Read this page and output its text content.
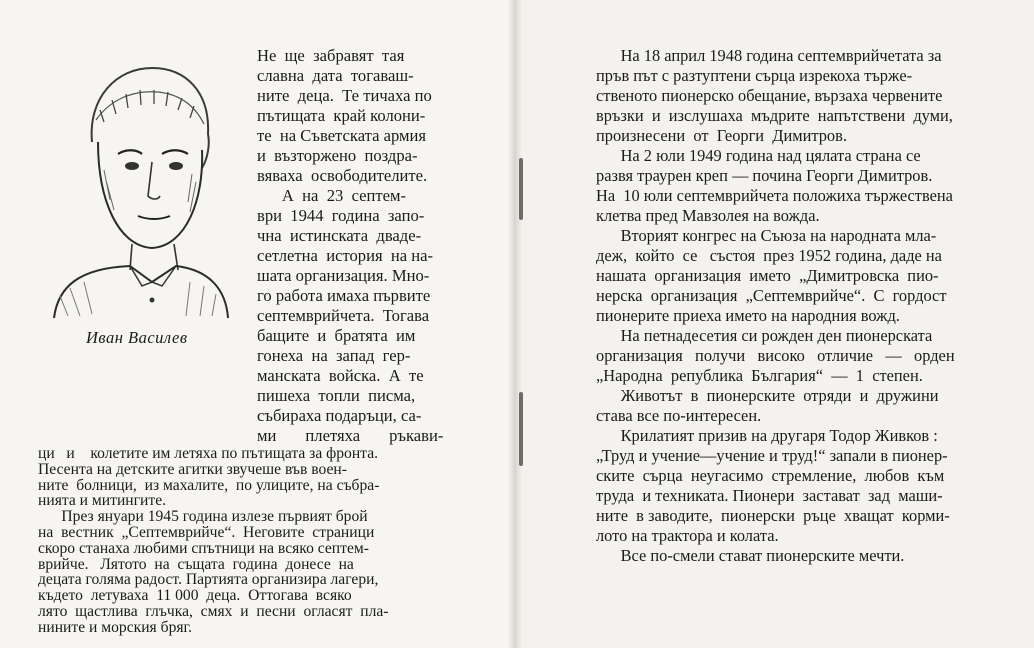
Иван Василев
Не  ще  забравят  тая
славна  дата  тогаваш-
ните  деца.  Те тичаха по
пътищата  край колони-
те  на Съветската армия
и  възторжено  поздра-
вяваха  освободителите.
А  на  23  септем-
ври  1944  година  запо-
чна  истинската  дваде-
сетлетна  история  на на-
шата организация. Мно-
го работа имаха първите
септемврийчета.  Тогава
бащите  и  братята  им
гонеха  на  запад  гер-
манската  войска.  А  те
пишеха  топли  писма,
събираха подаръци, са-
ми       плетяха       ръкави-
ци   и    колетите им летяха по пътищата за фронта.
Песента на детските агитки звучеше във воен-
ните  болници,  из махалите,  по улиците, на събра-
нията и митингите.
През януари 1945 година излезе първият брой
на  вестник  „Септемврийче“.  Неговите  страници
скоро станаха любими спътници на всяко септем-
врийче.   Лятото  на  същата  година  донесе  на
децата голяма радост. Партията организира лагери,
където  летуваха  11 000  деца.  Оттогава  всяко
лято  щастлива  глъчка,  смях  и  песни  огласят  пла-
нините и морския бряг.
На 18 април 1948 година септемврийчетата за
пръв път с разтуптени сърца изрекоха тържe-
ственото пионерско обещание, вързаха червените
връзки  и  изслушаха  мъдрите  напътствени  думи,
произнесени  от  Георги  Димитров.
На 2 юли 1949 година над цялата страна се
развя траурен креп — почина Георги Димитров.
На  10 юли септемврийчета положиха тържествена
клетва пред Мавзолея на вожда.
Вторият конгрес на Съюза на народната мла-
деж,  който  се   състоя  през 1952 година, даде на
нашата  организация  името  „Димитровска  пио-
нерска  организация  „Септемврийче“.  С  гордост
пионерите приеха името на народния вожд.
На петнадесетия си рожден ден пионерската
организация   получи   високо   отличие   —   орден
„Народна  република  България“  —  1  степен.
Животът  в  пионерските  отряди  и  дружини
става все по-интересен.
Крилатият призив на другаря Тодор Живков :
„Труд и учение—учение и труд!“ запали в пионер-
ските  сърца  неугасимо  стремление,  любов  към
труда  и техниката. Пионери  застават  зад  маши-
ните  в заводите,  пионерски  ръце  хващат  корми-
лото на трактора и колата.
Все по-смели стават пионерските мечти.
